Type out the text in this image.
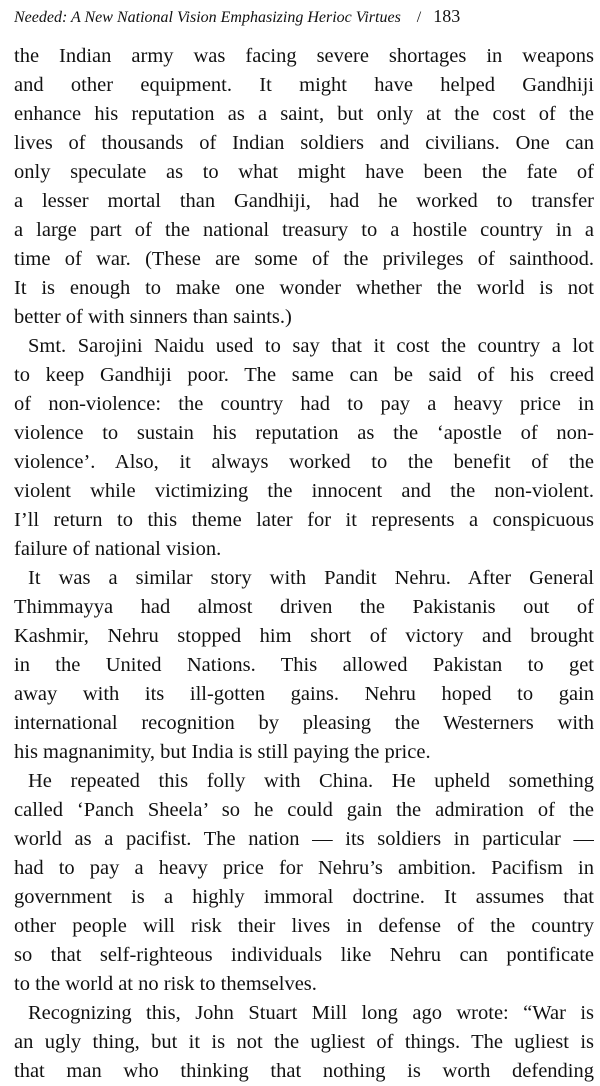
Needed: A New National Vision Emphasizing Herioc Virtues / 183

the Indian army was facing severe shortages in weapons
and other equipment. It might have helped Gandhiji
enhance his reputation as a saint, but only at the cost of the
lives of thousands of Indian soldiers and civilians. One can
only speculate as to what might have been the fate of
a lesser mortal than Gandhiji, had he worked to transfer
a large part of the national treasury to a hostile country in a
time of war. (These are some of the privileges of sainthood.
It is enough to make one wonder whether the world is not
better of with sinners than saints.)

Smt. Sarojini Naidu used to say that it cost the country a lot
to keep Gandhiji poor. The same can be said of his creed
of non-violence: the country had to pay a heavy price in
violence to sustain his reputation as the ‘apostle of non-
violence’. Also, it always worked to the benefit of the
violent while victimizing the innocent and the non-violent.
I’ll return to this theme later for it represents a conspicuous
failure of national vision.

It was a similar story with Pandit Nehru. After General
Thimmayya had almost driven the Pakistanis out of
Kashmir, Nehru stopped him short of victory and brought
in the United Nations. This allowed Pakistan to get
away with its ill-gotten gains. Nehru hoped to gain
international recognition by pleasing the Westerners with
his magnanimity, but India is still paying the price.

He repeated this folly with China. He upheld something
called ‘Panch Sheela’ so he could gain the admiration of the
world as a pacifist. The nation — its soldiers in particular —
had to pay a heavy price for Nehru’s ambition. Pacifism in
government is a highly immoral doctrine. It assumes that
other people will risk their lives in defense of the country
so that self-righteous individuals like Nehru can pontificate
to the world at no risk to themselves.

Recognizing this, John Stuart Mill long ago wrote: “War is
an ugly thing, but it is not the ugliest of things. The ugliest is
that man who thinking that nothing is worth defending
